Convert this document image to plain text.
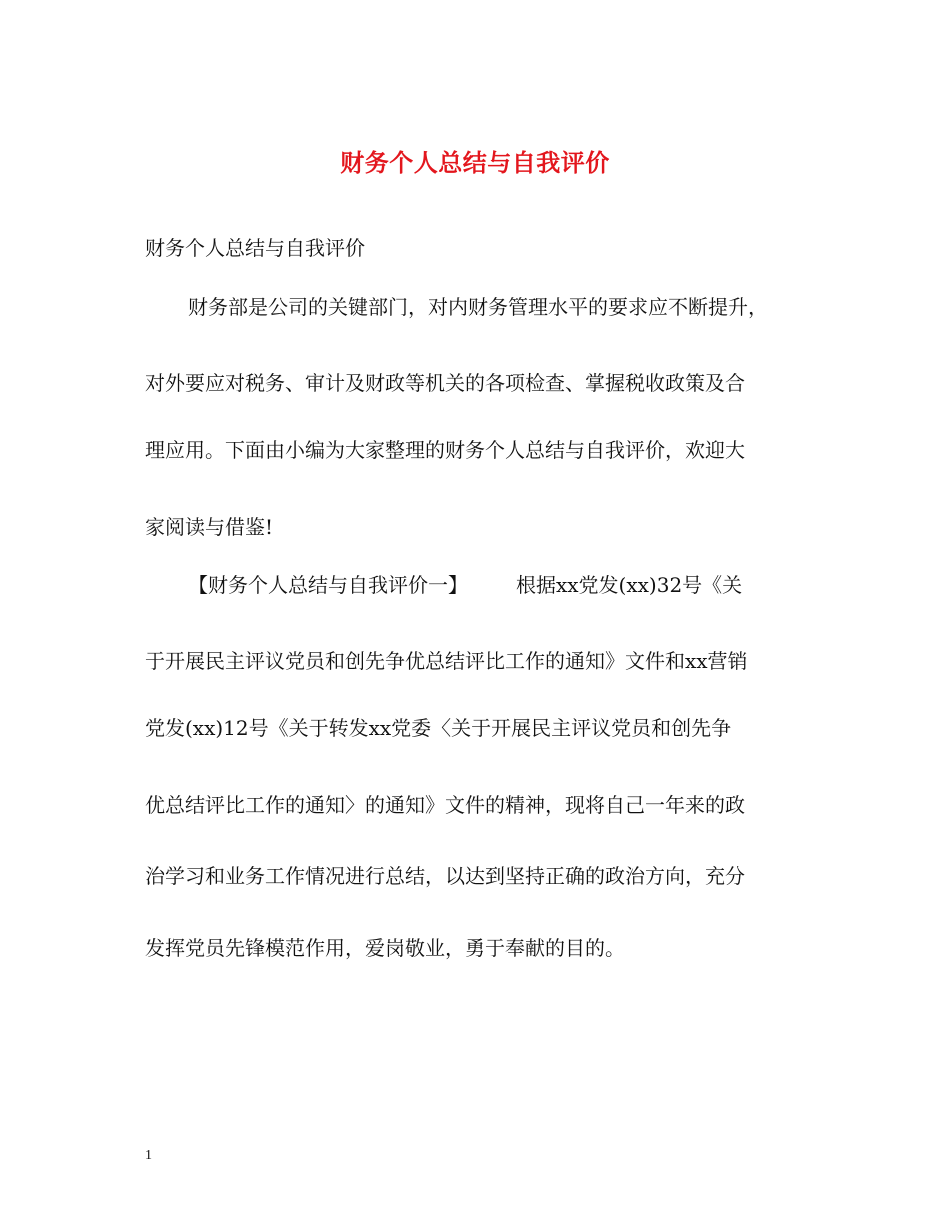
财务个人总结与自我评价
财务个人总结与自我评价
财务部是公司的关键部门，对内财务管理水平的要求应不断提升，
对外要应对税务、审计及财政等机关的各项检查、掌握税收政策及合
理应用。下面由小编为大家整理的财务个人总结与自我评价，欢迎大
家阅读与借鉴!
【财务个人总结与自我评价一】 根据xx党发(xx)32号《关
于开展民主评议党员和创先争优总结评比工作的通知》文件和xx营销
党发(xx)12号《关于转发xx党委〈关于开展民主评议党员和创先争
优总结评比工作的通知〉的通知》文件的精神，现将自己一年来的政
治学习和业务工作情况进行总结，以达到坚持正确的政治方向，充分
发挥党员先锋模范作用，爱岗敬业，勇于奉献的目的。
1
